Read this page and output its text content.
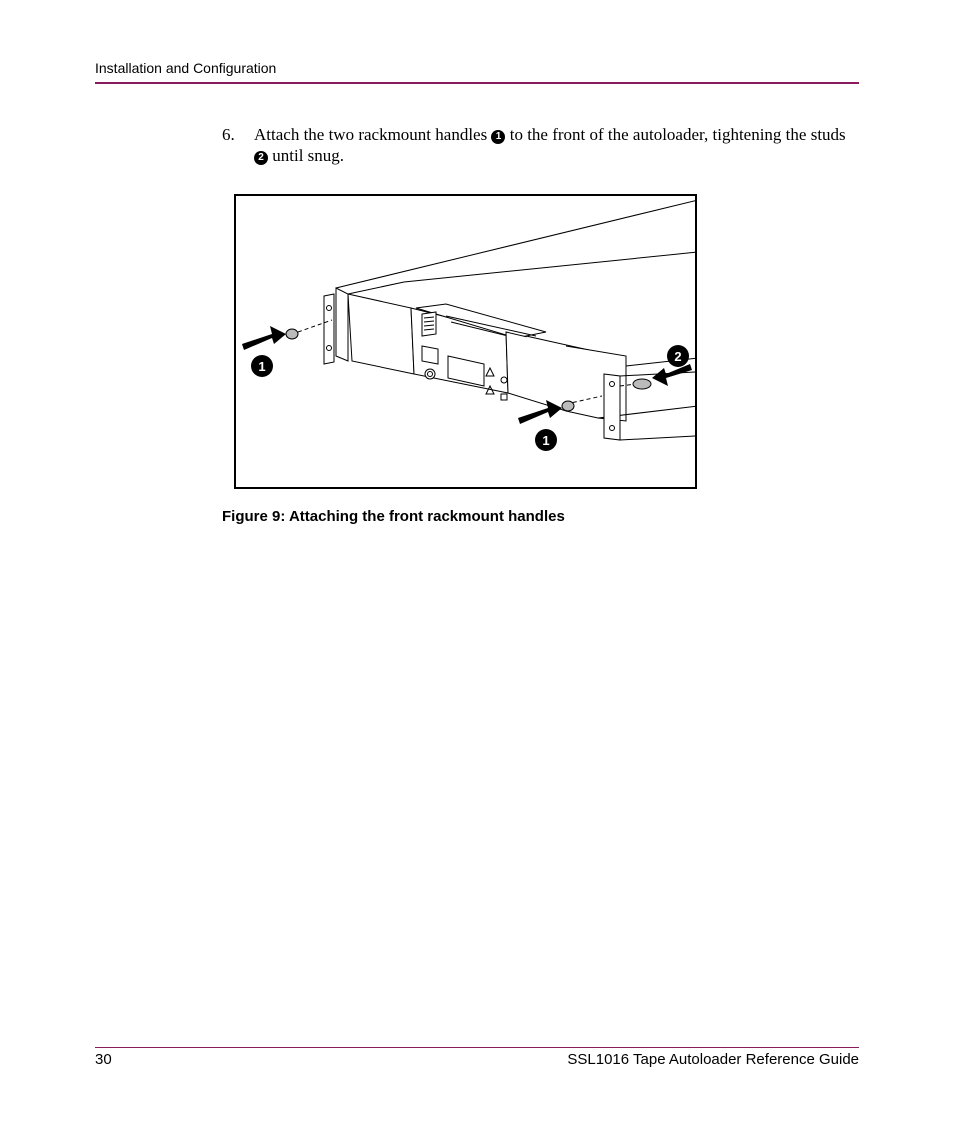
Installation and Configuration
6. Attach the two rackmount handles 1 to the front of the autoloader, tightening the studs 2 until snug.
1
1
2
Figure 9: Attaching the front rackmount handles
30	SSL1016 Tape Autoloader Reference Guide
